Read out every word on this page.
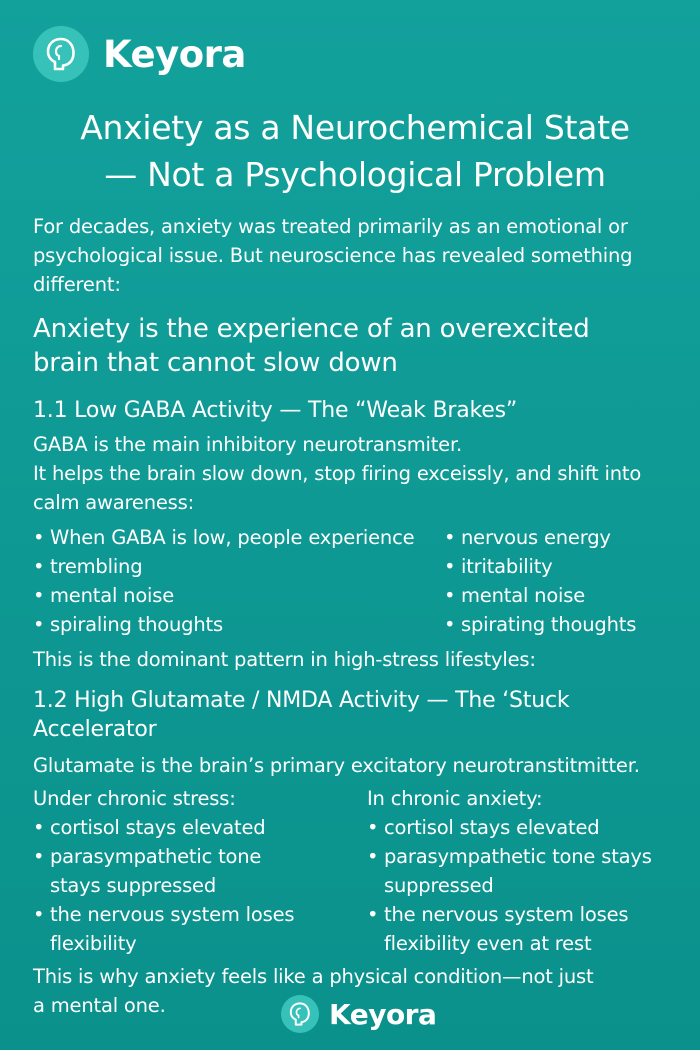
Keyora
Anxiety as a Neurochemical State
— Not a Psychological Problem
For decades, anxiety was treated primarily as an emotional or
psychological issue. But neuroscience has revealed something
different:
Anxiety is the experience of an overexcited
brain that cannot slow down
1.1 Low GABA Activity — The “Weak Brakes”
GABA is the main inhibitory neurotransmiter.
It helps the brain slow down, stop firing exceissly, and shift into
calm awareness:
• When GABA is low, people experience
• trembling
• mental noise
• spiraling thoughts
• nervous energy
• itritability
• mental noise
• spirating thoughts
This is the dominant pattern in high-stress lifestyles:
1.2 High Glutamate / NMDA Activity — The ‘Stuck
Accelerator
Glutamate is the brain’s primary excitatory neurotranstitmitter.
Under chronic stress:
• cortisol stays elevated
• parasympathetic tone
stays suppressed
• the nervous system loses
flexibility
In chronic anxiety:
• cortisol stays elevated
• parasympathetic tone stays
suppressed
• the nervous system loses
flexibility even at rest
This is why anxiety feels like a physical condition—not just
a mental one.	Keyora
